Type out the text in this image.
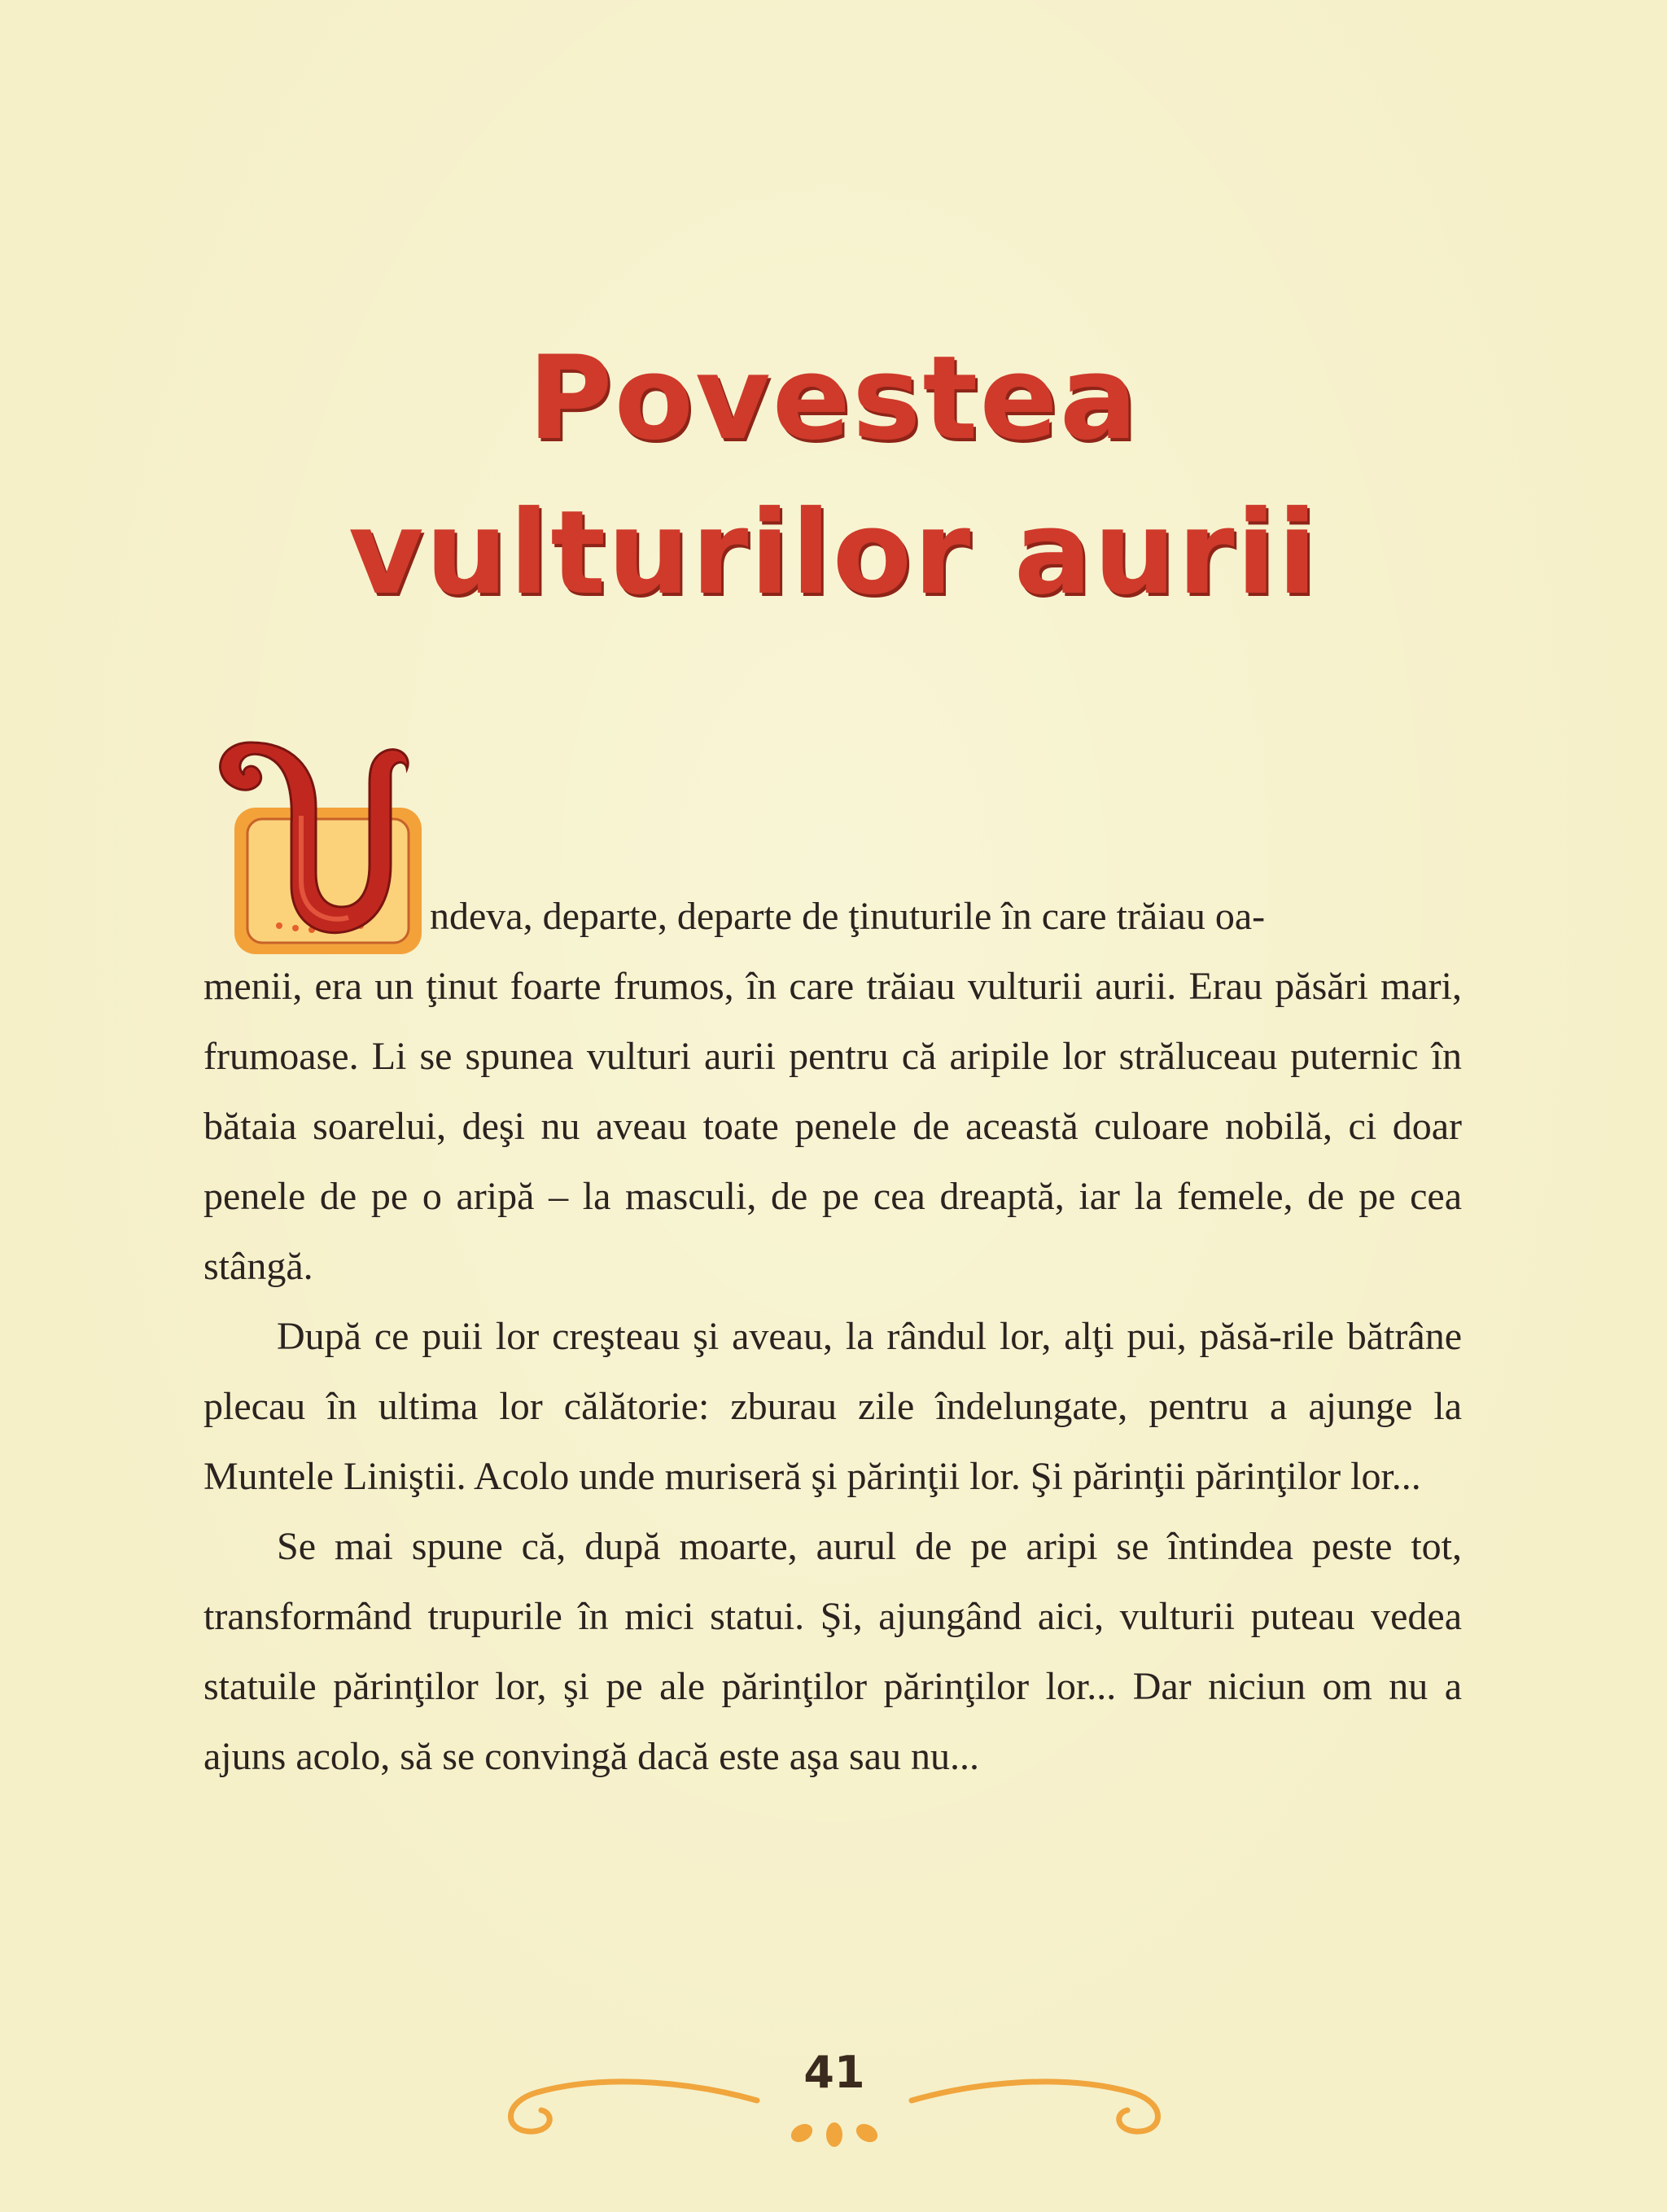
Povestea
vulturilor aurii

ndeva, departe, departe de ţinuturile în care trăiau oa-
menii, era un ţinut foarte frumos, în care trăiau vulturii aurii. Erau păsări mari, frumoase. Li se spunea vulturi aurii pentru că aripile lor străluceau puternic în bătaia soarelui, deşi nu aveau toate penele de această culoare nobilă, ci doar penele de pe o aripă – la masculi, de pe cea dreaptă, iar la femele, de pe cea stângă.

După ce puii lor creşteau şi aveau, la rândul lor, alţi pui, păsă-rile bătrâne plecau în ultima lor călătorie: zburau zile îndelungate, pentru a ajunge la Muntele Liniştii. Acolo unde muriseră şi părinţii lor. Şi părinţii părinţilor lor...

Se mai spune că, după moarte, aurul de pe aripi se întindea peste tot, transformând trupurile în mici statui. Şi, ajungând aici, vulturii puteau vedea statuile părinţilor lor, şi pe ale părinţilor părinţilor lor... Dar niciun om nu a ajuns acolo, să se convingă dacă este aşa sau nu...

41
